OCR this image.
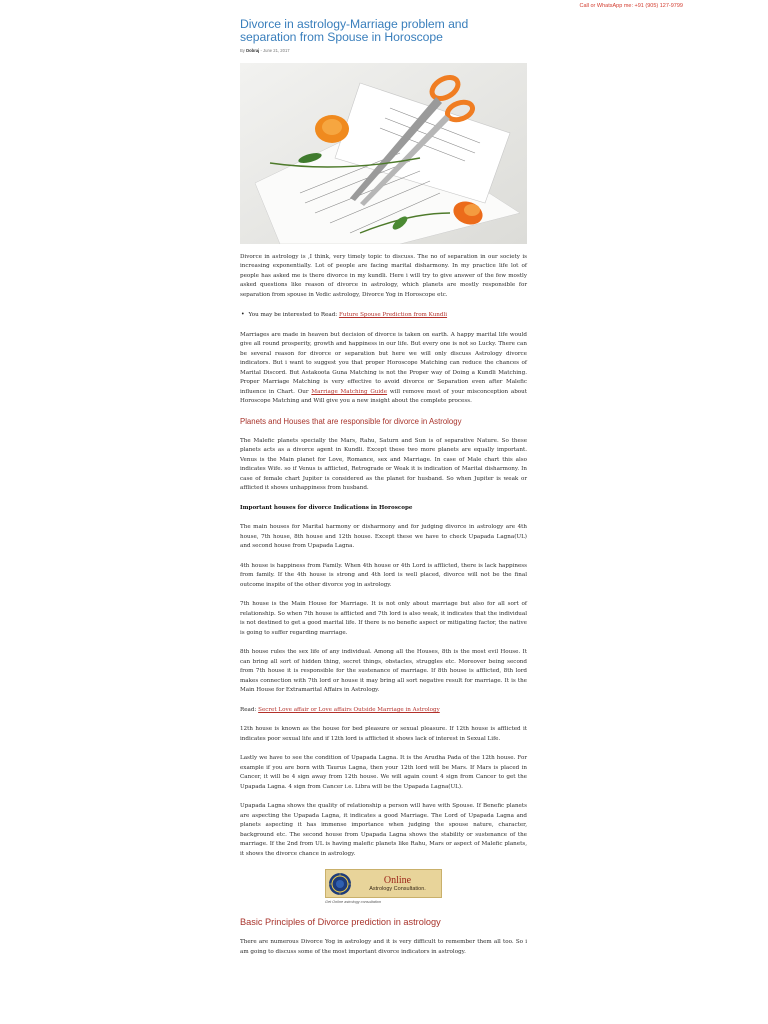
Call or WhatsApp me: +91 (905) 127-9799
Divorce in astrology-Marriage problem and separation from Spouse in Horoscope
By Dobraj - June 21, 2017

Divorce in astrology is ,I think, very timely topic to discuss. The no of separation in our society is increasing exponentially. Lot of people are facing marital disharmony. In my practice life lot of people has asked me is there divorce in my kundli. Here i will try to give answer of the few mostly asked questions like reason of divorce in astrology, which planets are mostly responsible for separation from spouse in Vedic astrology, Divorce Yog in Horoscope etc.

• You may be interested to Read: Future Spouse Prediction from Kundli

Marriages are made in heaven but decision of divorce is taken on earth. A happy marital life would give all round prosperity, growth and happiness in our life. But every one is not so Lucky. There can be several reason for divorce or separation but here we will only discuss Astrology divorce indicators. But i want to suggest you that proper Horoscope Matching can reduce the chances of Marital Discord. But Astakoota Guna Matching is not the Proper way of Doing a Kundli Matching. Proper Marriage Matching is very effective to avoid divorce or Separation even after Malefic influence in Chart. Our Marriage Matching Guide will remove most of your misconception about Horoscope Matching and Will give you a new insight about the complete process.

Planets and Houses that are responsible for divorce in Astrology

The Malefic planets specially the Mars, Rahu, Saturn and Sun is of separative Nature. So these planets acts as a divorce agent in Kundli. Except these two more planets are equally important. Venus is the Main planet for Love, Romance, sex and Marriage. In case of Male chart this also indicates Wife. so if Venus is afflicted, Retrograde or Weak it is indication of Marital disharmony. In case of female chart Jupiter is considered as the planet for husband. So when Jupiter is weak or afflicted it shows unhappiness from husband.

Important houses for divorce Indications in Horoscope

The main houses for Marital harmony or disharmony and for judging divorce in astrology are 4th house, 7th house, 8th house and 12th house. Except these we have to check Upapada Lagna(UL) and second house from Upapada Lagna.

4th house is happiness from Family. When 4th house or 4th Lord is afflicted, there is lack happiness from family. If the 4th house is strong and 4th lord is well placed, divorce will not be the final outcome inspite of the other divorce yog in astrology.

7th house is the Main House for Marriage. It is not only about marriage but also for all sort of relationship. So when 7th house is afflicted and 7th lord is also weak, it indicates that the individual is not destined to get a good marital life. If there is no benefic aspect or mitigating factor, the native is going to suffer regarding marriage.

8th house rules the sex life of any individual. Among all the Houses, 8th is the most evil House. It can bring all sort of hidden thing, secret things, obstacles, struggles etc. Moreover being second from 7th house it is responsible for the sustenance of marriage. If 8th house is afflicted, 8th lord makes connection with 7th lord or house it may bring all sort negative result for marriage. It is the Main House for Extramarital Affairs in Astrology.

Read: Secret Love affair or Love affairs Outside Marriage in Astrology

12th house is known as the house for bed pleasure or sexual pleasure. If 12th house is afflicted it indicates poor sexual life and if 12th lord is afflicted it shows lack of interest in Sexual Life.

Lastly we have to see the condition of Upapada Lagna. It is the Arudha Pada of the 12th house. For example if you are born with Taurus Lagna, then your 12th lord will be Mars. If Mars is placed in Cancer, it will be 4 sign away from 12th house. We will again count 4 sign from Cancer to get the Upapada Lagna. 4 sign from Cancer i.e. Libra will be the Upapada Lagna(UL).

Upapada Lagna shows the quality of relationship a person will have with Spouse. If Benefic planets are aspecting the Upapada Lagna, it indicates a good Marriage. The Lord of Upapada Lagna and planets aspecting it has immense importance when judging the spouse nature, character, background etc. The second house from Upapada Lagna shows the stability or sustenance of the marriage. If the 2nd from UL is having malefic planets like Rahu, Mars or aspect of Malefic planets, it shows the divorce chance in astrology.

Online
Astrology Consultation.
Get Online astrology consultation
Basic Principles of Divorce prediction in astrology

There are numerous Divorce Yog in astrology and it is very difficult to remember them all too. So i am going to discuss some of the most important divorce indicators in astrology.
